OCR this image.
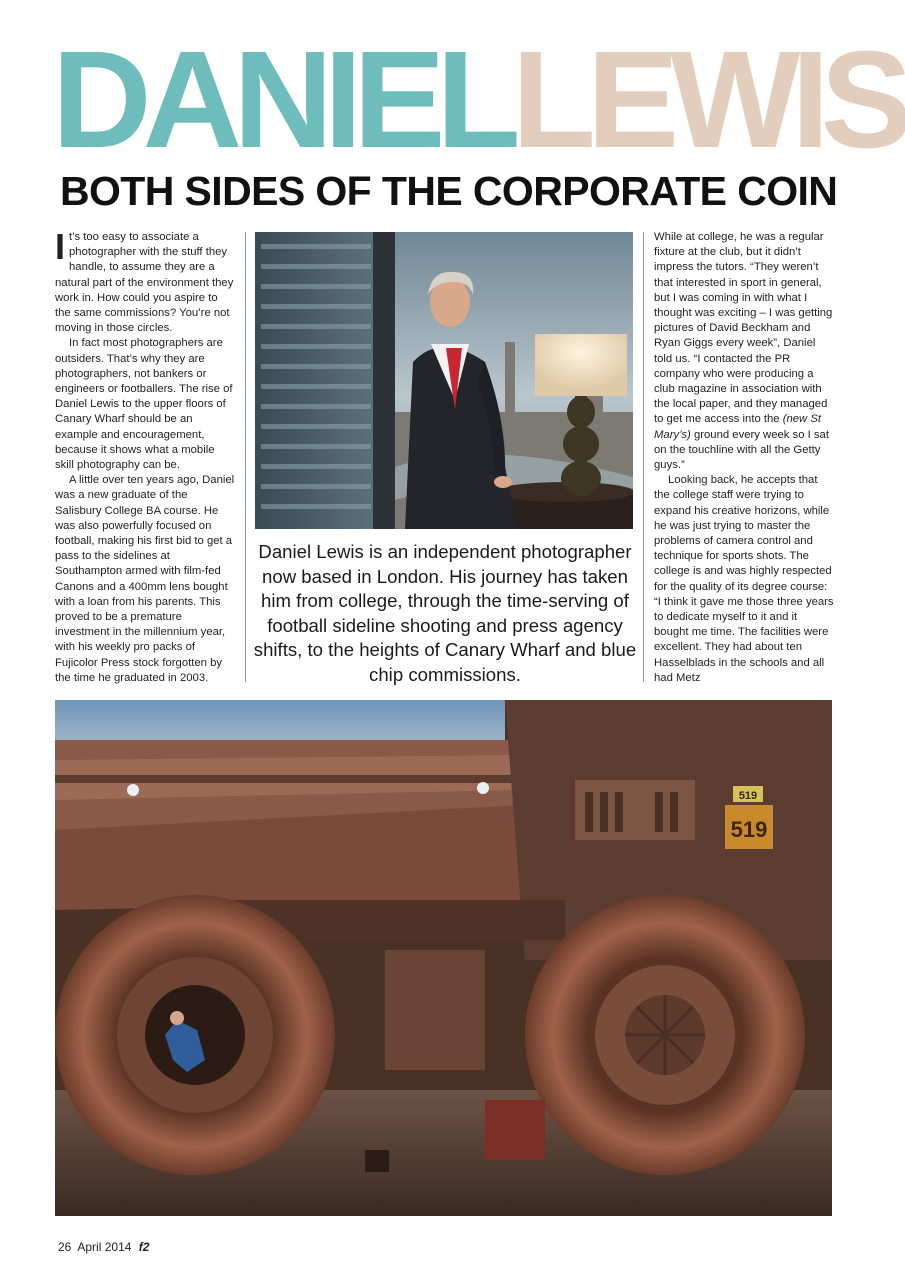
DANIELLEWIS
BOTH SIDES OF THE CORPORATE COIN

It’s too easy to associate a photographer with the stuff they handle, to assume they are a natural part of the environment they work in. How could you aspire to the same commissions? You’re not moving in those circles.

In fact most photographers are outsiders. That’s why they are photographers, not bankers or engineers or footballers. The rise of Daniel Lewis to the upper floors of Canary Wharf should be an example and encouragement, because it shows what a mobile skill photography can be.

A little over ten years ago, Daniel was a new graduate of the Salisbury College BA course. He was also powerfully focused on football, making his first bid to get a pass to the sidelines at Southampton armed with film-fed Canons and a 400mm lens bought with a loan from his parents. This proved to be a premature investment in the millennium year, with his weekly pro packs of Fujicolor Press stock forgotten by the time he graduated in 2003.

Daniel Lewis is an independent photographer now based in London. His journey has taken him from college, through the time-serving of football sideline shooting and press agency shifts, to the heights of Canary Wharf and blue chip commissions.

While at college, he was a regular fixture at the club, but it didn’t impress the tutors. “They weren’t that interested in sport in general, but I was coming in with what I thought was exciting – I was getting pictures of David Beckham and Ryan Giggs every week”, Daniel told us. “I contacted the PR company who were producing a club magazine in association with the local paper, and they managed to get me access into the (new St Mary’s) ground every week so I sat on the touchline with all the Getty guys.”

Looking back, he accepts that the college staff were trying to expand his creative horizons, while he was just trying to master the problems of camera control and technique for sports shots. The college is and was highly respected for the quality of its degree course: “I think it gave me those three years to dedicate myself to it and it bought me time. The facilities were excellent. They had about ten Hasselblads in the schools and all had Metz

519
519
26 April 2014 f2
